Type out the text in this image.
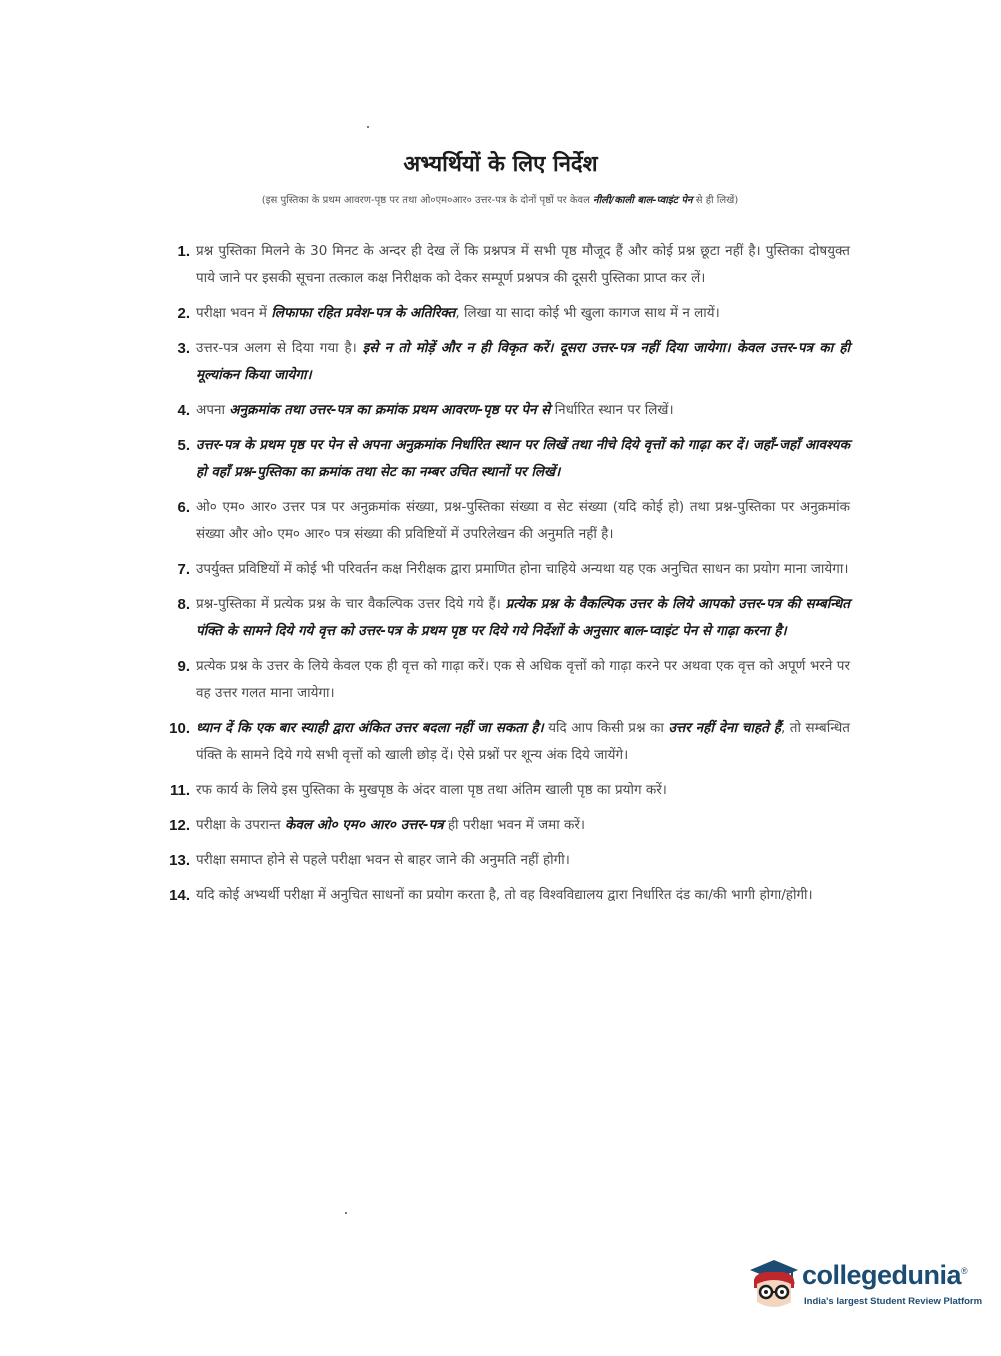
अभ्यर्थियों के लिए निर्देश
(इस पुस्तिका के प्रथम आवरण-पृष्ठ पर तथा ओ०एम०आर० उत्तर-पत्र के दोनों पृष्ठों पर केवल नीली/काली बाल-प्वाइंट पेन से ही लिखें)
1. प्रश्न पुस्तिका मिलने के 30 मिनट के अन्दर ही देख लें कि प्रश्नपत्र में सभी पृष्ठ मौजूद हैं और कोई प्रश्न छूटा नहीं है। पुस्तिका दोषयुक्त पाये जाने पर इसकी सूचना तत्काल कक्ष निरीक्षक को देकर सम्पूर्ण प्रश्नपत्र की दूसरी पुस्तिका प्राप्त कर लें।
2. परीक्षा भवन में लिफाफा रहित प्रवेश-पत्र के अतिरिक्त, लिखा या सादा कोई भी खुला कागज साथ में न लायें।
3. उत्तर-पत्र अलग से दिया गया है। इसे न तो मोड़ें और न ही विकृत करें। दूसरा उत्तर-पत्र नहीं दिया जायेगा। केवल उत्तर-पत्र का ही मूल्यांकन किया जायेगा।
4. अपना अनुक्रमांक तथा उत्तर-पत्र का क्रमांक प्रथम आवरण-पृष्ठ पर पेन से निर्धारित स्थान पर लिखें।
5. उत्तर-पत्र के प्रथम पृष्ठ पर पेन से अपना अनुक्रमांक निर्धारित स्थान पर लिखें तथा नीचे दिये वृत्तों को गाढ़ा कर दें। जहाँ-जहाँ आवश्यक हो वहाँ प्रश्न-पुस्तिका का क्रमांक तथा सेट का नम्बर उचित स्थानों पर लिखें।
6. ओ० एम० आर० उत्तर पत्र पर अनुक्रमांक संख्या, प्रश्न-पुस्तिका संख्या व सेट संख्या (यदि कोई हो) तथा प्रश्न-पुस्तिका पर अनुक्रमांक संख्या और ओ० एम० आर० पत्र संख्या की प्रविष्टियों में उपरिलेखन की अनुमति नहीं है।
7. उपर्युक्त प्रविष्टियों में कोई भी परिवर्तन कक्ष निरीक्षक द्वारा प्रमाणित होना चाहिये अन्यथा यह एक अनुचित साधन का प्रयोग माना जायेगा।
8. प्रश्न-पुस्तिका में प्रत्येक प्रश्न के चार वैकल्पिक उत्तर दिये गये हैं। प्रत्येक प्रश्न के वैकल्पिक उत्तर के लिये आपको उत्तर-पत्र की सम्बन्धित पंक्ति के सामने दिये गये वृत्त को उत्तर-पत्र के प्रथम पृष्ठ पर दिये गये निर्देशों के अनुसार बाल-प्वाइंट पेन से गाढ़ा करना है।
9. प्रत्येक प्रश्न के उत्तर के लिये केवल एक ही वृत्त को गाढ़ा करें। एक से अधिक वृत्तों को गाढ़ा करने पर अथवा एक वृत्त को अपूर्ण भरने पर वह उत्तर गलत माना जायेगा।
10. ध्यान दें कि एक बार स्याही द्वारा अंकित उत्तर बदला नहीं जा सकता है। यदि आप किसी प्रश्न का उत्तर नहीं देना चाहते हैं, तो सम्बन्धित पंक्ति के सामने दिये गये सभी वृत्तों को खाली छोड़ दें। ऐसे प्रश्नों पर शून्य अंक दिये जायेंगे।
11. रफ कार्य के लिये इस पुस्तिका के मुखपृष्ठ के अंदर वाला पृष्ठ तथा अंतिम खाली पृष्ठ का प्रयोग करें।
12. परीक्षा के उपरान्त केवल ओ० एम० आर० उत्तर-पत्र ही परीक्षा भवन में जमा करें।
13. परीक्षा समाप्त होने से पहले परीक्षा भवन से बाहर जाने की अनुमति नहीं होगी।
14. यदि कोई अभ्यर्थी परीक्षा में अनुचित साधनों का प्रयोग करता है, तो वह विश्वविद्यालय द्वारा निर्धारित दंड का/की भागी होगा/होगी।
collegedunia®
India's largest Student Review Platform
